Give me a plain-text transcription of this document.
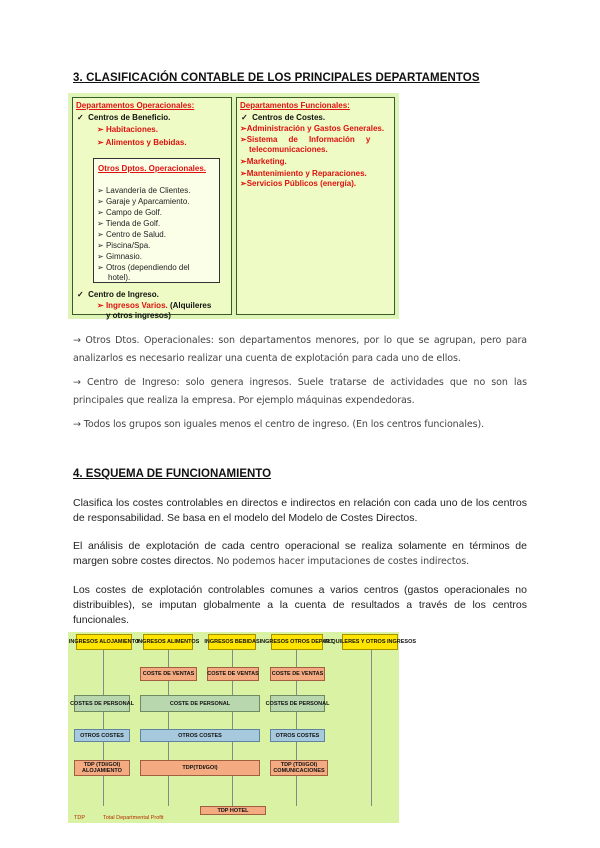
3. CLASIFICACIÓN CONTABLE DE LOS PRINCIPALES DEPARTAMENTOS
Departamentos Operacionales:
✓  Centros de Beneficio.
➢ Habitaciones.
➢ Alimentos y Bebidas.
Otros Dptos. Operacionales.
➢ Lavandería de Clientes.
➢ Garaje y Aparcamiento.
➢ Campo de Golf.
➢ Tienda de Golf.
➢ Centro de Salud.
➢ Piscina/Spa.
➢ Gimnasio.
➢ Otros (dependiendo del
hotel).
✓  Centro de Ingreso.
➢ Ingresos Varios. (Alquileres
y otros ingresos)
Departamentos Funcionales:
✓  Centros de Costes.
➢Administración y Gastos Generales.
➢Sistema     de     Información     y
telecomunicaciones.
➢Marketing.
➢Mantenimiento y Reparaciones.
➢Servicios Públicos (energía).
→ Otros Dtos. Operacionales: son departamentos menores, por lo que se agrupan, pero para analizarlos es necesario realizar una cuenta de explotación para cada uno de ellos.
→ Centro de Ingreso: solo genera ingresos. Suele tratarse de actividades que no son las principales que realiza la empresa. Por ejemplo máquinas expendedoras.
→ Todos los grupos son iguales menos el centro de ingreso. (En los centros funcionales).
4. ESQUEMA DE FUNCIONAMIENTO
Clasifica los costes controlables en directos e indirectos en relación con cada uno de los centros de responsabilidad. Se basa en el modelo del Modelo de Costes Directos.
El análisis de explotación de cada centro operacional se realiza solamente en términos de margen sobre costes directos. No podemos hacer imputaciones de costes indirectos.
Los costes de explotación controlables comunes a varios centros (gastos operacionales no distribuibles), se imputan globalmente a la cuenta de resultados a través de los centros funcionales.
INGRESOS ALOJAMIENTO
INGRESOS ALIMENTOS INGRESOS BEBIDAS INGRESOS OTROS DEPART.
ALQUILERES Y OTROS INGRESOS
COSTE DE VENTAS	COSTE DE VENTAS	COSTE DE VENTAS
COSTES DE PERSONAL	COSTE DE PERSONAL	COSTES DE PERSONAL
OTROS COSTES	OTROS COSTES	OTROS COSTES
TDP (TDI/GOI) ALOJAMIENTO	TDP(TDI/GOI)	TDP (TDI/GOI) COMUNICACIONES
TDP HOTEL
TDP	Total Departmental Profit
